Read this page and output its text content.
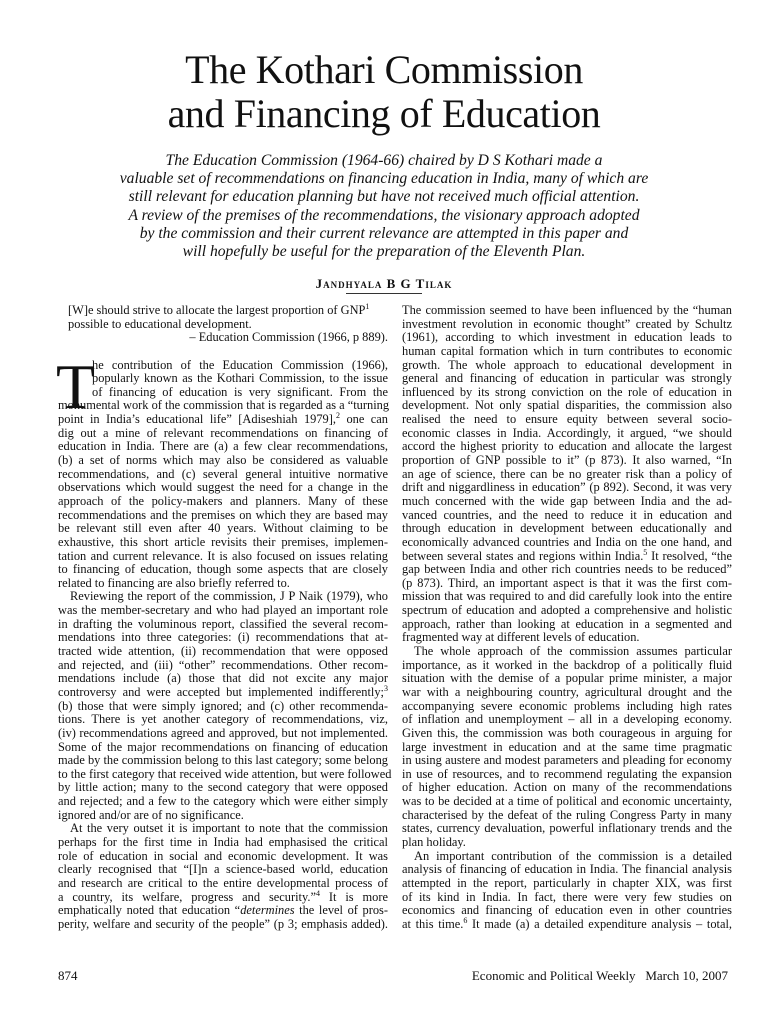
The Kothari Commission
and Financing of Education
The Education Commission (1964-66) chaired by D S Kothari made a
valuable set of recommendations on financing education in India, many of which are
still relevant for education planning but have not received much official attention.
A review of the premises of the recommendations, the visionary approach adopted
by the commission and their current relevance are attempted in this paper and
will hopefully be useful for the preparation of the Eleventh Plan.
Jandhyala B G Tilak
[W]e should strive to allocate the largest proportion of GNP$^1$
possible to educational development.
– Education Commission (1966, p 889).
T
he contribution of the Education Commission (1966),
popularly known as the Kothari Commission, to the issue
of financing of education is very significant. From the
monumental work of the commission that is regarded as a “turning
point in India’s educational life” [Adiseshiah 1979],$^2$ one can
dig out a mine of relevant recommendations on financing of
education in India. There are (a) a few clear recommendations,
(b) a set of norms which may also be considered as valuable
recommendations, and (c) several general intuitive normative
observations which would suggest the need for a change in the
approach of the policy-makers and planners. Many of these
recommendations and the premises on which they are based may
be relevant still even after 40 years. Without claiming to be
exhaustive, this short article revisits their premises, implemen-
tation and current relevance. It is also focused on issues relating
to financing of education, though some aspects that are closely
related to financing are also briefly referred to.
Reviewing the report of the commission, J P Naik (1979), who
was the member-secretary and who had played an important role
in drafting the voluminous report, classified the several recom-
mendations into three categories: (i) recommendations that at-
tracted wide attention, (ii) recommendation that were opposed
and rejected, and (iii) “other” recommendations. Other recom-
mendations include (a) those that did not excite any major
controversy and were accepted but implemented indifferently;$^3$
(b) those that were simply ignored; and (c) other recommenda-
tions. There is yet another category of recommendations, viz,
(iv) recommendations agreed and approved, but not implemented.
Some of the major recommendations on financing of education
made by the commission belong to this last category; some belong
to the first category that received wide attention, but were followed
by little action; many to the second category that were opposed
and rejected; and a few to the category which were either simply
ignored and/or are of no significance.
At the very outset it is important to note that the commission
perhaps for the first time in India had emphasised the critical
role of education in social and economic development. It was
clearly recognised that “[I]n a science-based world, education
and research are critical to the entire developmental process of
a country, its welfare, progress and security.”$^4$ It is more
emphatically noted that education “determines the level of pros-
perity, welfare and security of the people” (p 3; emphasis added).
The commission seemed to have been influenced by the “human
investment revolution in economic thought” created by Schultz
(1961), according to which investment in education leads to
human capital formation which in turn contributes to economic
growth. The whole approach to educational development in
general and financing of education in particular was strongly
influenced by its strong conviction on the role of education in
development. Not only spatial disparities, the commission also
realised the need to ensure equity between several socio-
economic classes in India. Accordingly, it argued, “we should
accord the highest priority to education and allocate the largest
proportion of GNP possible to it” (p 873). It also warned, “In
an age of science, there can be no greater risk than a policy of
drift and niggardliness in education” (p 892). Second, it was very
much concerned with the wide gap between India and the ad-
vanced countries, and the need to reduce it in education and
through education in development between educationally and
economically advanced countries and India on the one hand, and
between several states and regions within India.$^5$ It resolved, “the
gap between India and other rich countries needs to be reduced”
(p 873). Third, an important aspect is that it was the first com-
mission that was required to and did carefully look into the entire
spectrum of education and adopted a comprehensive and holistic
approach, rather than looking at education in a segmented and
fragmented way at different levels of education.
The whole approach of the commission assumes particular
importance, as it worked in the backdrop of a politically fluid
situation with the demise of a popular prime minister, a major
war with a neighbouring country, agricultural drought and the
accompanying severe economic problems including high rates
of inflation and unemployment – all in a developing economy.
Given this, the commission was both courageous in arguing for
large investment in education and at the same time pragmatic
in using austere and modest parameters and pleading for economy
in use of resources, and to recommend regulating the expansion
of higher education. Action on many of the recommendations
was to be decided at a time of political and economic uncertainty,
characterised by the defeat of the ruling Congress Party in many
states, currency devaluation, powerful inflationary trends and the
plan holiday.
An important contribution of the commission is a detailed
analysis of financing of education in India. The financial analysis
attempted in the report, particularly in chapter XIX, was first
of its kind in India. In fact, there were very few studies on
economics and financing of education even in other countries
at this time.$^6$ It made (a) a detailed expenditure analysis – total,
874	Economic and Political Weekly March 10, 2007
